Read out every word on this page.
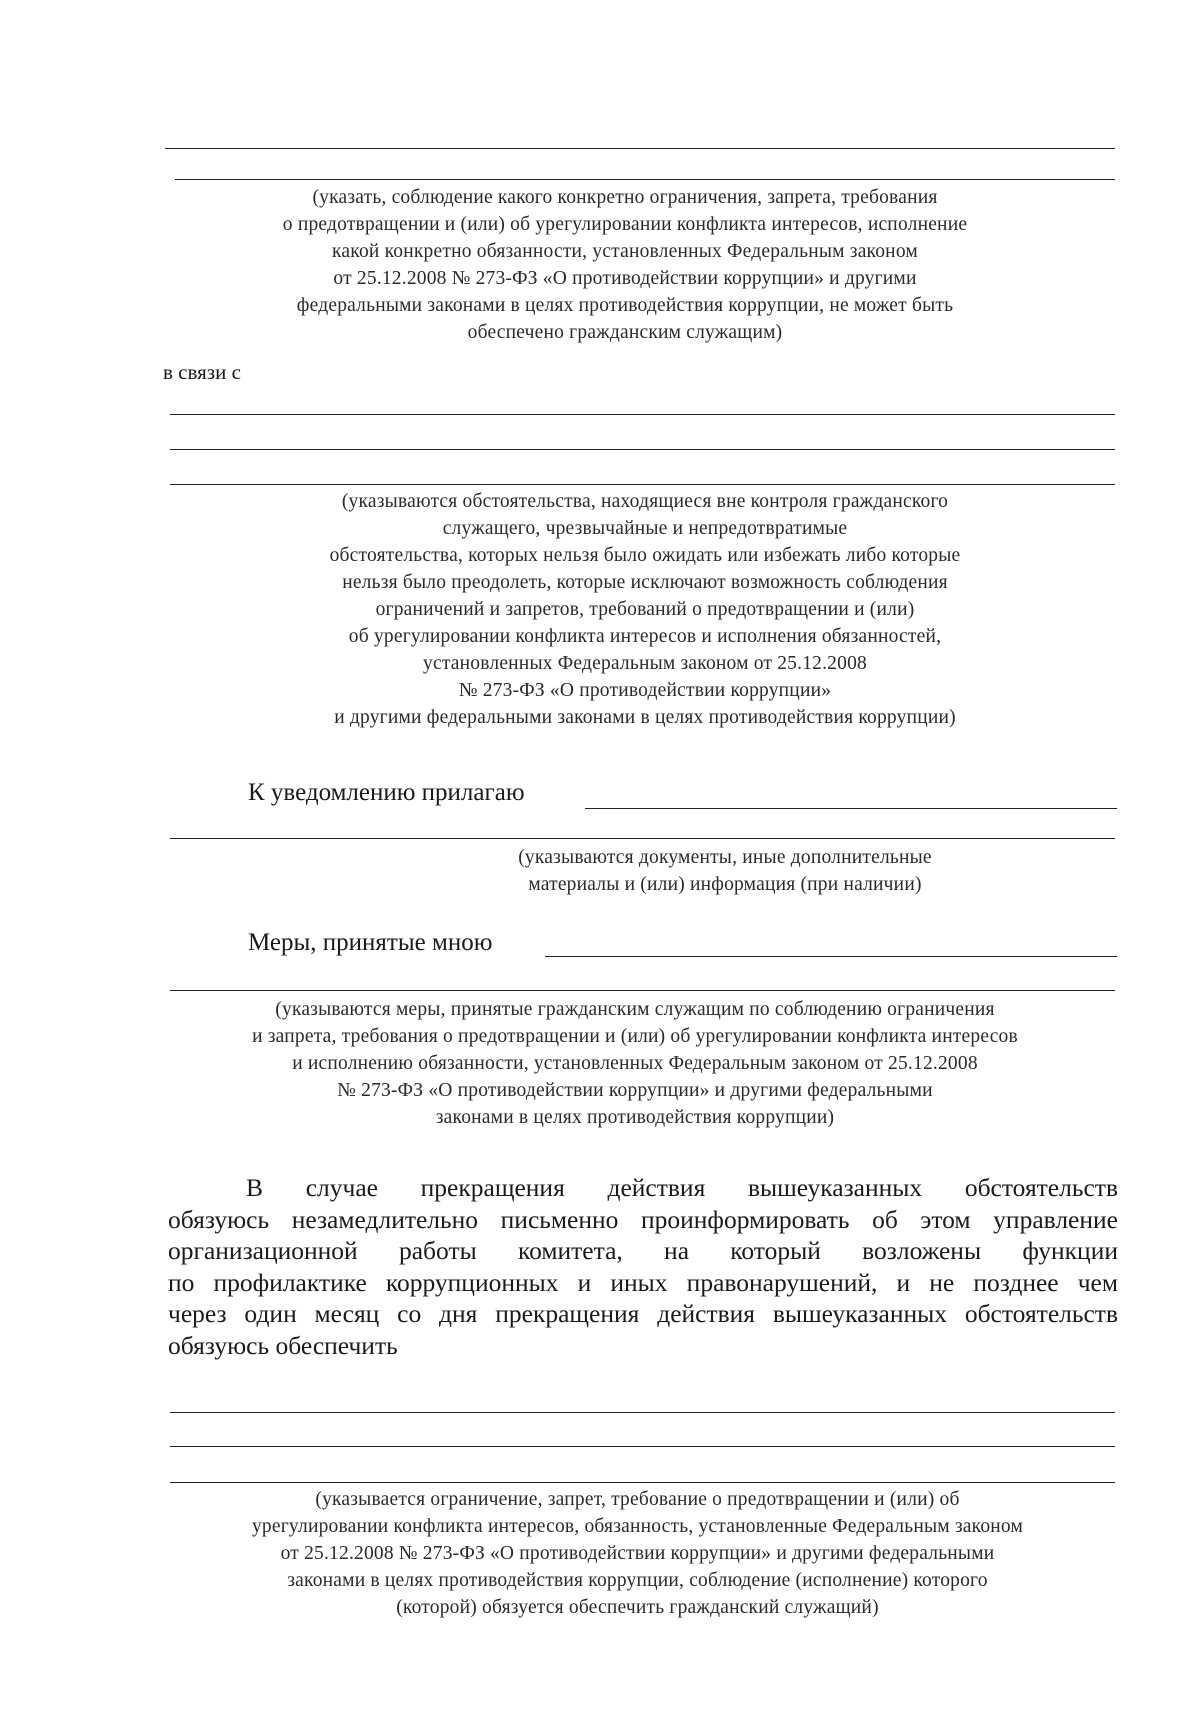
(указать, соблюдение какого конкретно ограничения, запрета, требования
о предотвращении и (или) об урегулировании конфликта интересов, исполнение
какой конкретно обязанности, установленных Федеральным законом
от 25.12.2008 № 273-ФЗ «О противодействии коррупции» и другими
федеральными законами в целях противодействия коррупции, не может быть
обеспечено гражданским служащим)
в связи с
(указываются обстоятельства, находящиеся вне контроля гражданского
служащего, чрезвычайные и непредотвратимые
обстоятельства, которых нельзя было ожидать или избежать либо которые
нельзя было преодолеть, которые исключают возможность соблюдения
ограничений и запретов, требований о предотвращении и (или)
об урегулировании конфликта интересов и исполнения обязанностей,
установленных Федеральным законом от 25.12.2008
№ 273-ФЗ «О противодействии коррупции»
и другими федеральными законами в целях противодействия коррупции)
К уведомлению прилагаю
(указываются документы, иные дополнительные
материалы и (или) информация (при наличии)
Меры, принятые мною
(указываются меры, принятые гражданским служащим по соблюдению ограничения
и запрета, требования о предотвращении и (или) об урегулировании конфликта интересов
и исполнению обязанности, установленных Федеральным законом от 25.12.2008
№ 273-ФЗ «О противодействии коррупции» и другими федеральными
законами в целях противодействия коррупции)
В случае прекращения действия вышеуказанных обстоятельств
обязуюсь незамедлительно письменно проинформировать об этом управление
организационной работы комитета, на который возложены функции
по профилактике коррупционных и иных правонарушений, и не позднее чем
через один месяц со дня прекращения действия вышеуказанных обстоятельств
обязуюсь обеспечить
(указывается ограничение, запрет, требование о предотвращении и (или) об
урегулировании конфликта интересов, обязанность, установленные Федеральным законом
от 25.12.2008 № 273-ФЗ «О противодействии коррупции» и другими федеральными
законами в целях противодействия коррупции, соблюдение (исполнение) которого
(которой) обязуется обеспечить гражданский служащий)
